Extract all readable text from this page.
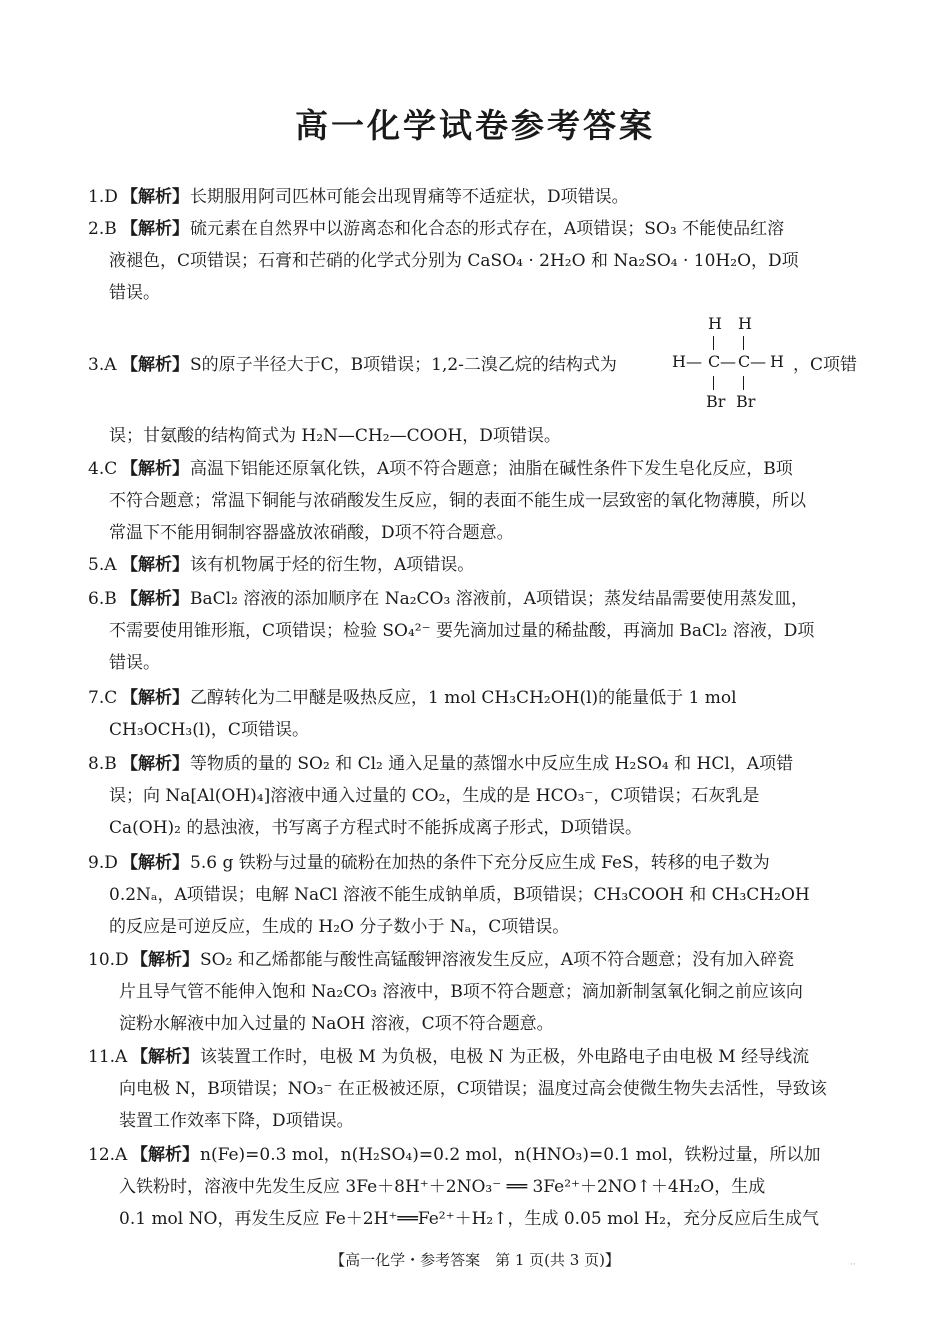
高一化学试卷参考答案
1.D 【解析】长期服用阿司匹林可能会出现胃痛等不适症状，D项错误。
2.B 【解析】硫元素在自然界中以游离态和化合态的形式存在，A项错误；SO₃ 不能使品红溶
液褪色，C项错误；石膏和芒硝的化学式分别为 CaSO₄ · 2H₂O 和 Na₂SO₄ · 10H₂O，D项
错误。
3.A 【解析】S的原子半径大于C，B项错误；1,2-二溴乙烷的结构式为	，C项错
误；甘氨酸的结构简式为 H₂N—CH₂—COOH，D项错误。
H H
H — C — C — H
Br Br
4.C 【解析】高温下铝能还原氧化铁，A项不符合题意；油脂在碱性条件下发生皂化反应，B项
不符合题意；常温下铜能与浓硝酸发生反应，铜的表面不能生成一层致密的氧化物薄膜，所以
常温下不能用铜制容器盛放浓硝酸，D项不符合题意。
5.A 【解析】该有机物属于烃的衍生物，A项错误。
6.B 【解析】BaCl₂ 溶液的添加顺序在 Na₂CO₃ 溶液前，A项错误；蒸发结晶需要使用蒸发皿，
不需要使用锥形瓶，C项错误；检验 SO₄²⁻ 要先滴加过量的稀盐酸，再滴加 BaCl₂ 溶液，D项
错误。
7.C 【解析】乙醇转化为二甲醚是吸热反应，1 mol CH₃CH₂OH(l)的能量低于 1 mol
CH₃OCH₃(l)，C项错误。
8.B 【解析】等物质的量的 SO₂ 和 Cl₂ 通入足量的蒸馏水中反应生成 H₂SO₄ 和 HCl，A项错
误；向 Na[Al(OH)₄]溶液中通入过量的 CO₂，生成的是 HCO₃⁻，C项错误；石灰乳是
Ca(OH)₂ 的悬浊液，书写离子方程式时不能拆成离子形式，D项错误。
9.D 【解析】5.6 g 铁粉与过量的硫粉在加热的条件下充分反应生成 FeS，转移的电子数为
0.2Nₐ，A项错误；电解 NaCl 溶液不能生成钠单质，B项错误；CH₃COOH 和 CH₃CH₂OH
的反应是可逆反应，生成的 H₂O 分子数小于 Nₐ，C项错误。
10.D 【解析】SO₂ 和乙烯都能与酸性高锰酸钾溶液发生反应，A项不符合题意；没有加入碎瓷
片且导气管不能伸入饱和 Na₂CO₃ 溶液中，B项不符合题意；滴加新制氢氧化铜之前应该向
淀粉水解液中加入过量的 NaOH 溶液，C项不符合题意。
11.A 【解析】该装置工作时，电极 M 为负极，电极 N 为正极，外电路电子由电极 M 经导线流
向电极 N，B项错误；NO₃⁻ 在正极被还原，C项错误；温度过高会使微生物失去活性，导致该
装置工作效率下降，D项错误。
12.A 【解析】n(Fe)=0.3 mol，n(H₂SO₄)=0.2 mol，n(HNO₃)=0.1 mol，铁粉过量，所以加
入铁粉时，溶液中先发生反应 3Fe＋8H⁺＋2NO₃⁻ ══ 3Fe²⁺＋2NO↑＋4H₂O，生成
0.1 mol NO，再发生反应 Fe＋2H⁺══Fe²⁺＋H₂↑，生成 0.05 mol H₂，充分反应后生成气
【高一化学・参考答案　第 1 页(共 3 页)】	··
